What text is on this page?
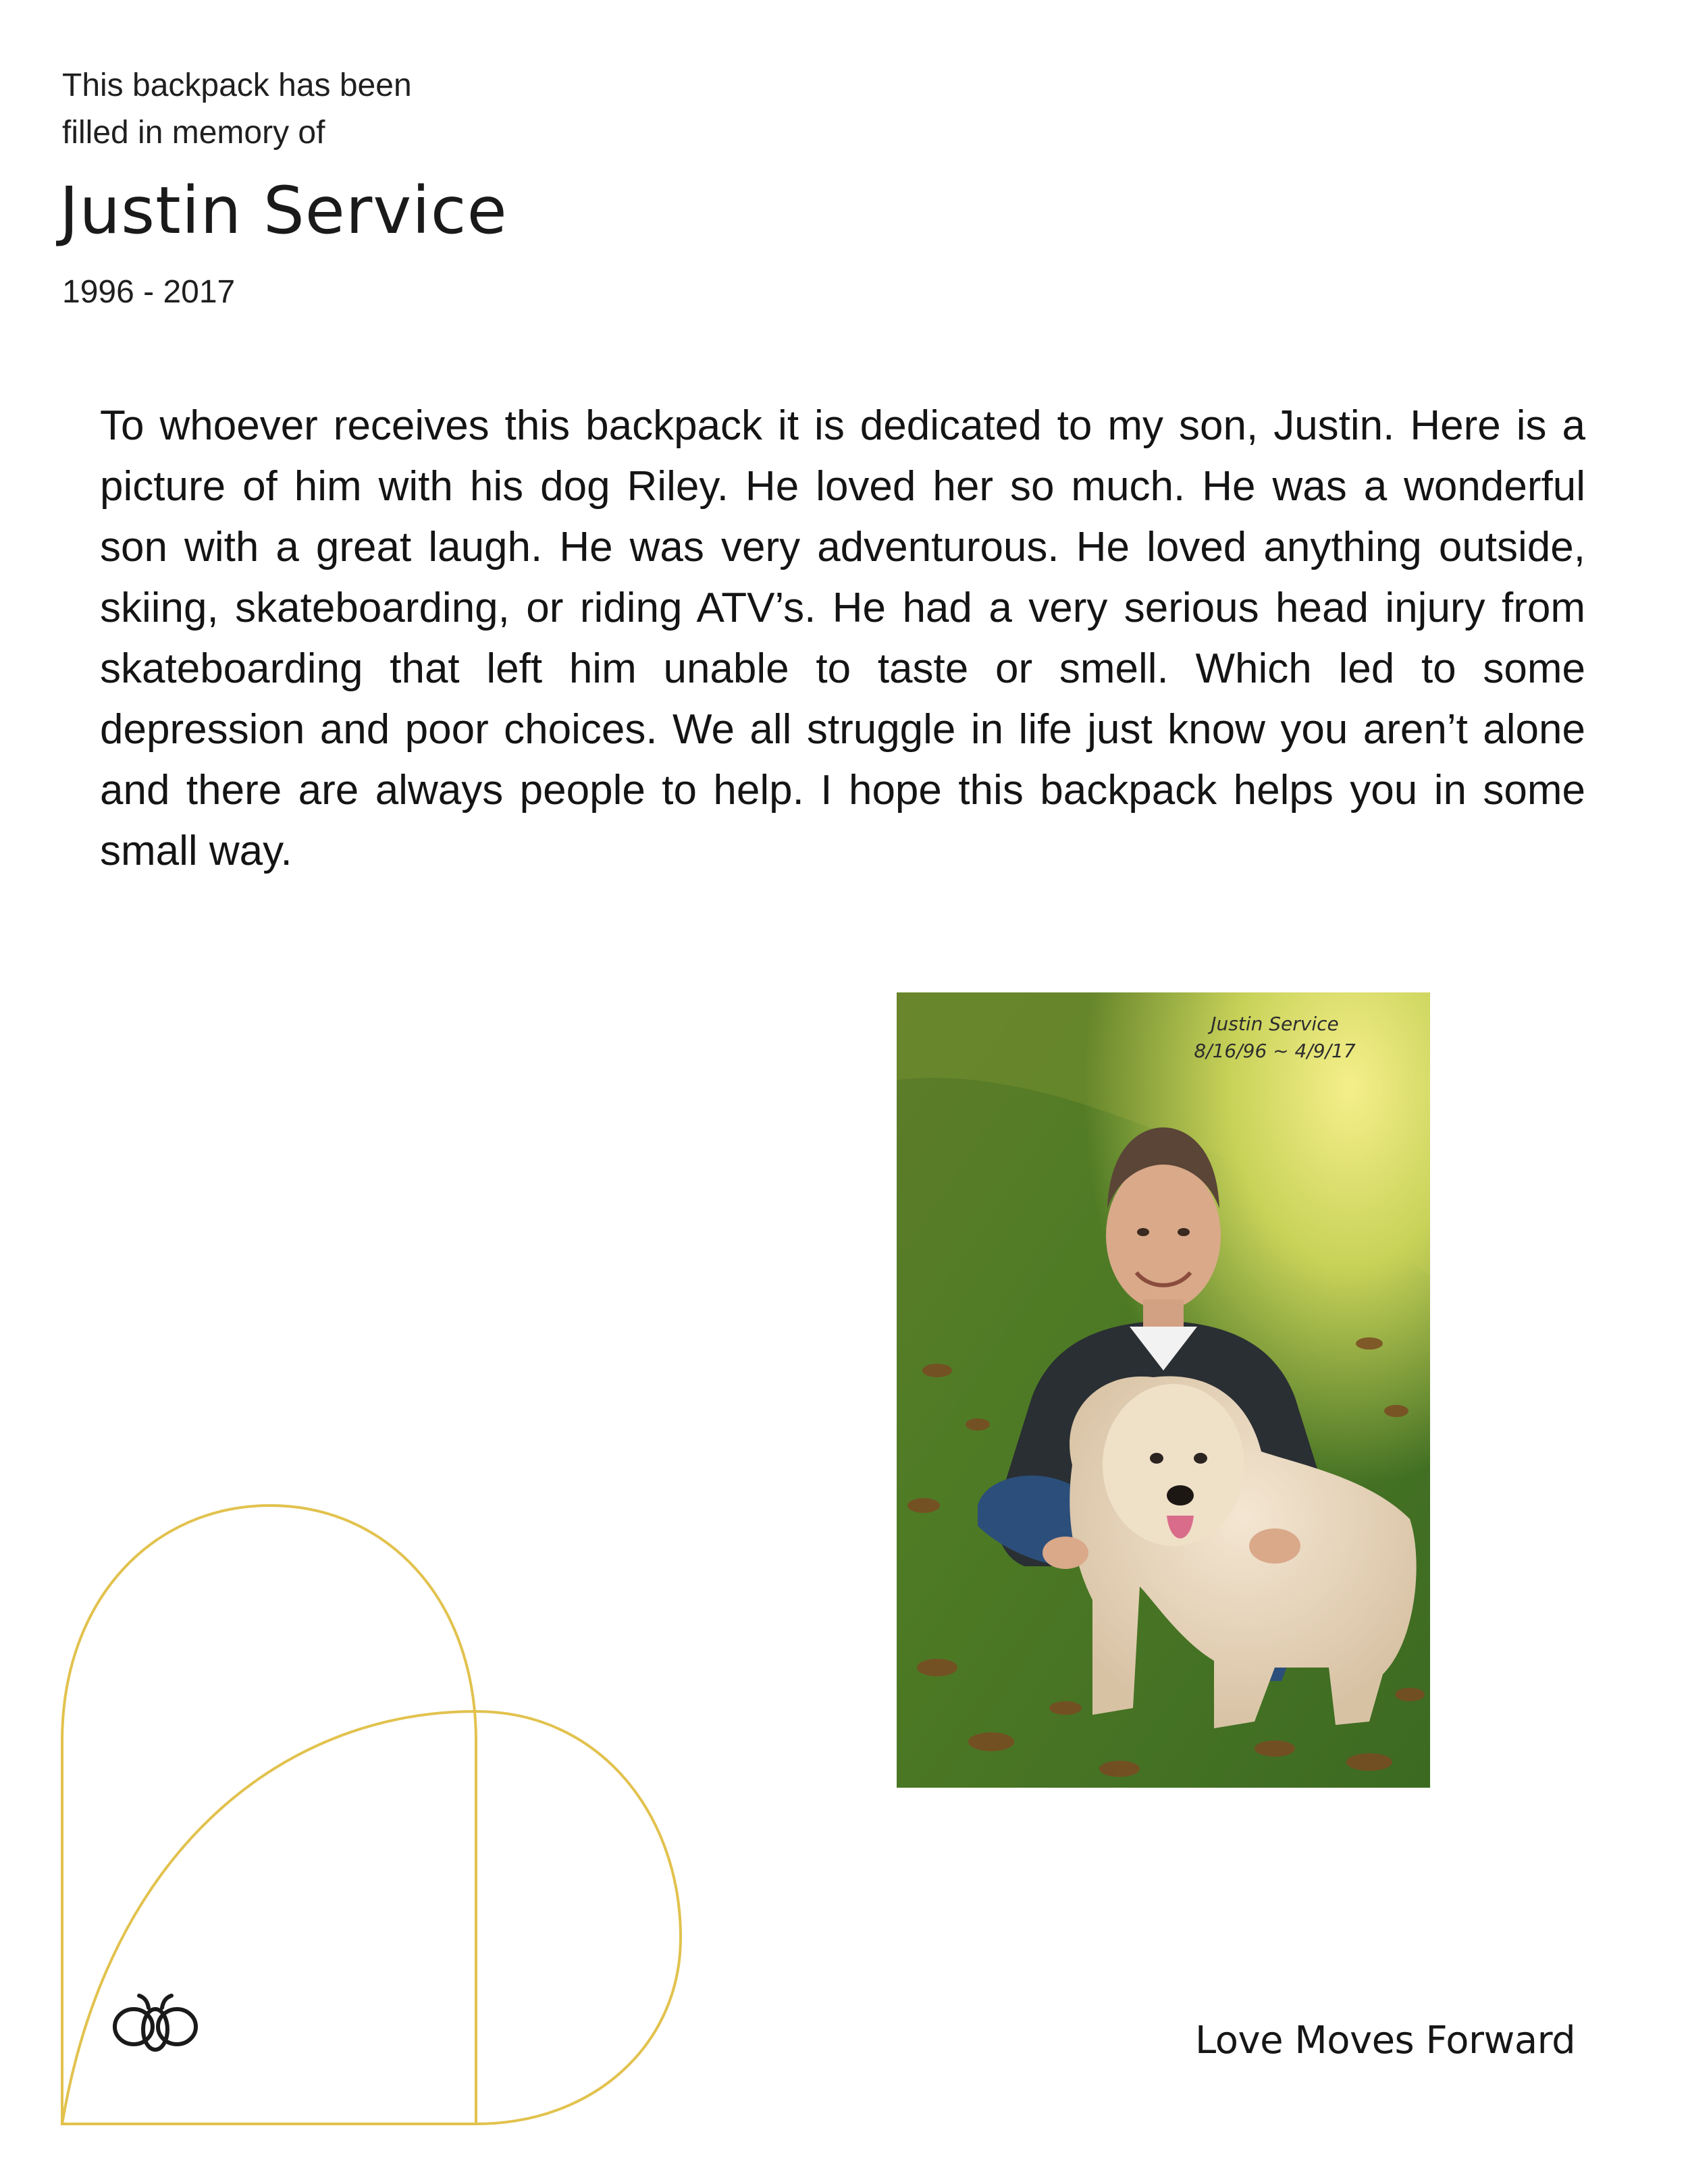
This backpack has been
filled in memory of
Justin Service
1996 - 2017

To whoever receives this backpack it is dedicated to my son, Justin. Here is a picture of him with his dog Riley. He loved her so much. He was a wonderful son with a great laugh. He was very adventurous. He loved anything outside, skiing, skateboarding, or riding ATV’s. He had a very serious head injury from skateboarding that left him unable to taste or smell. Which led to some depression and poor choices. We all struggle in life just know you aren’t alone and there are always people to help. I hope this backpack helps you in some small way.

Justin Service
8/16/96 ~ 4/9/17
Love Moves Forward
